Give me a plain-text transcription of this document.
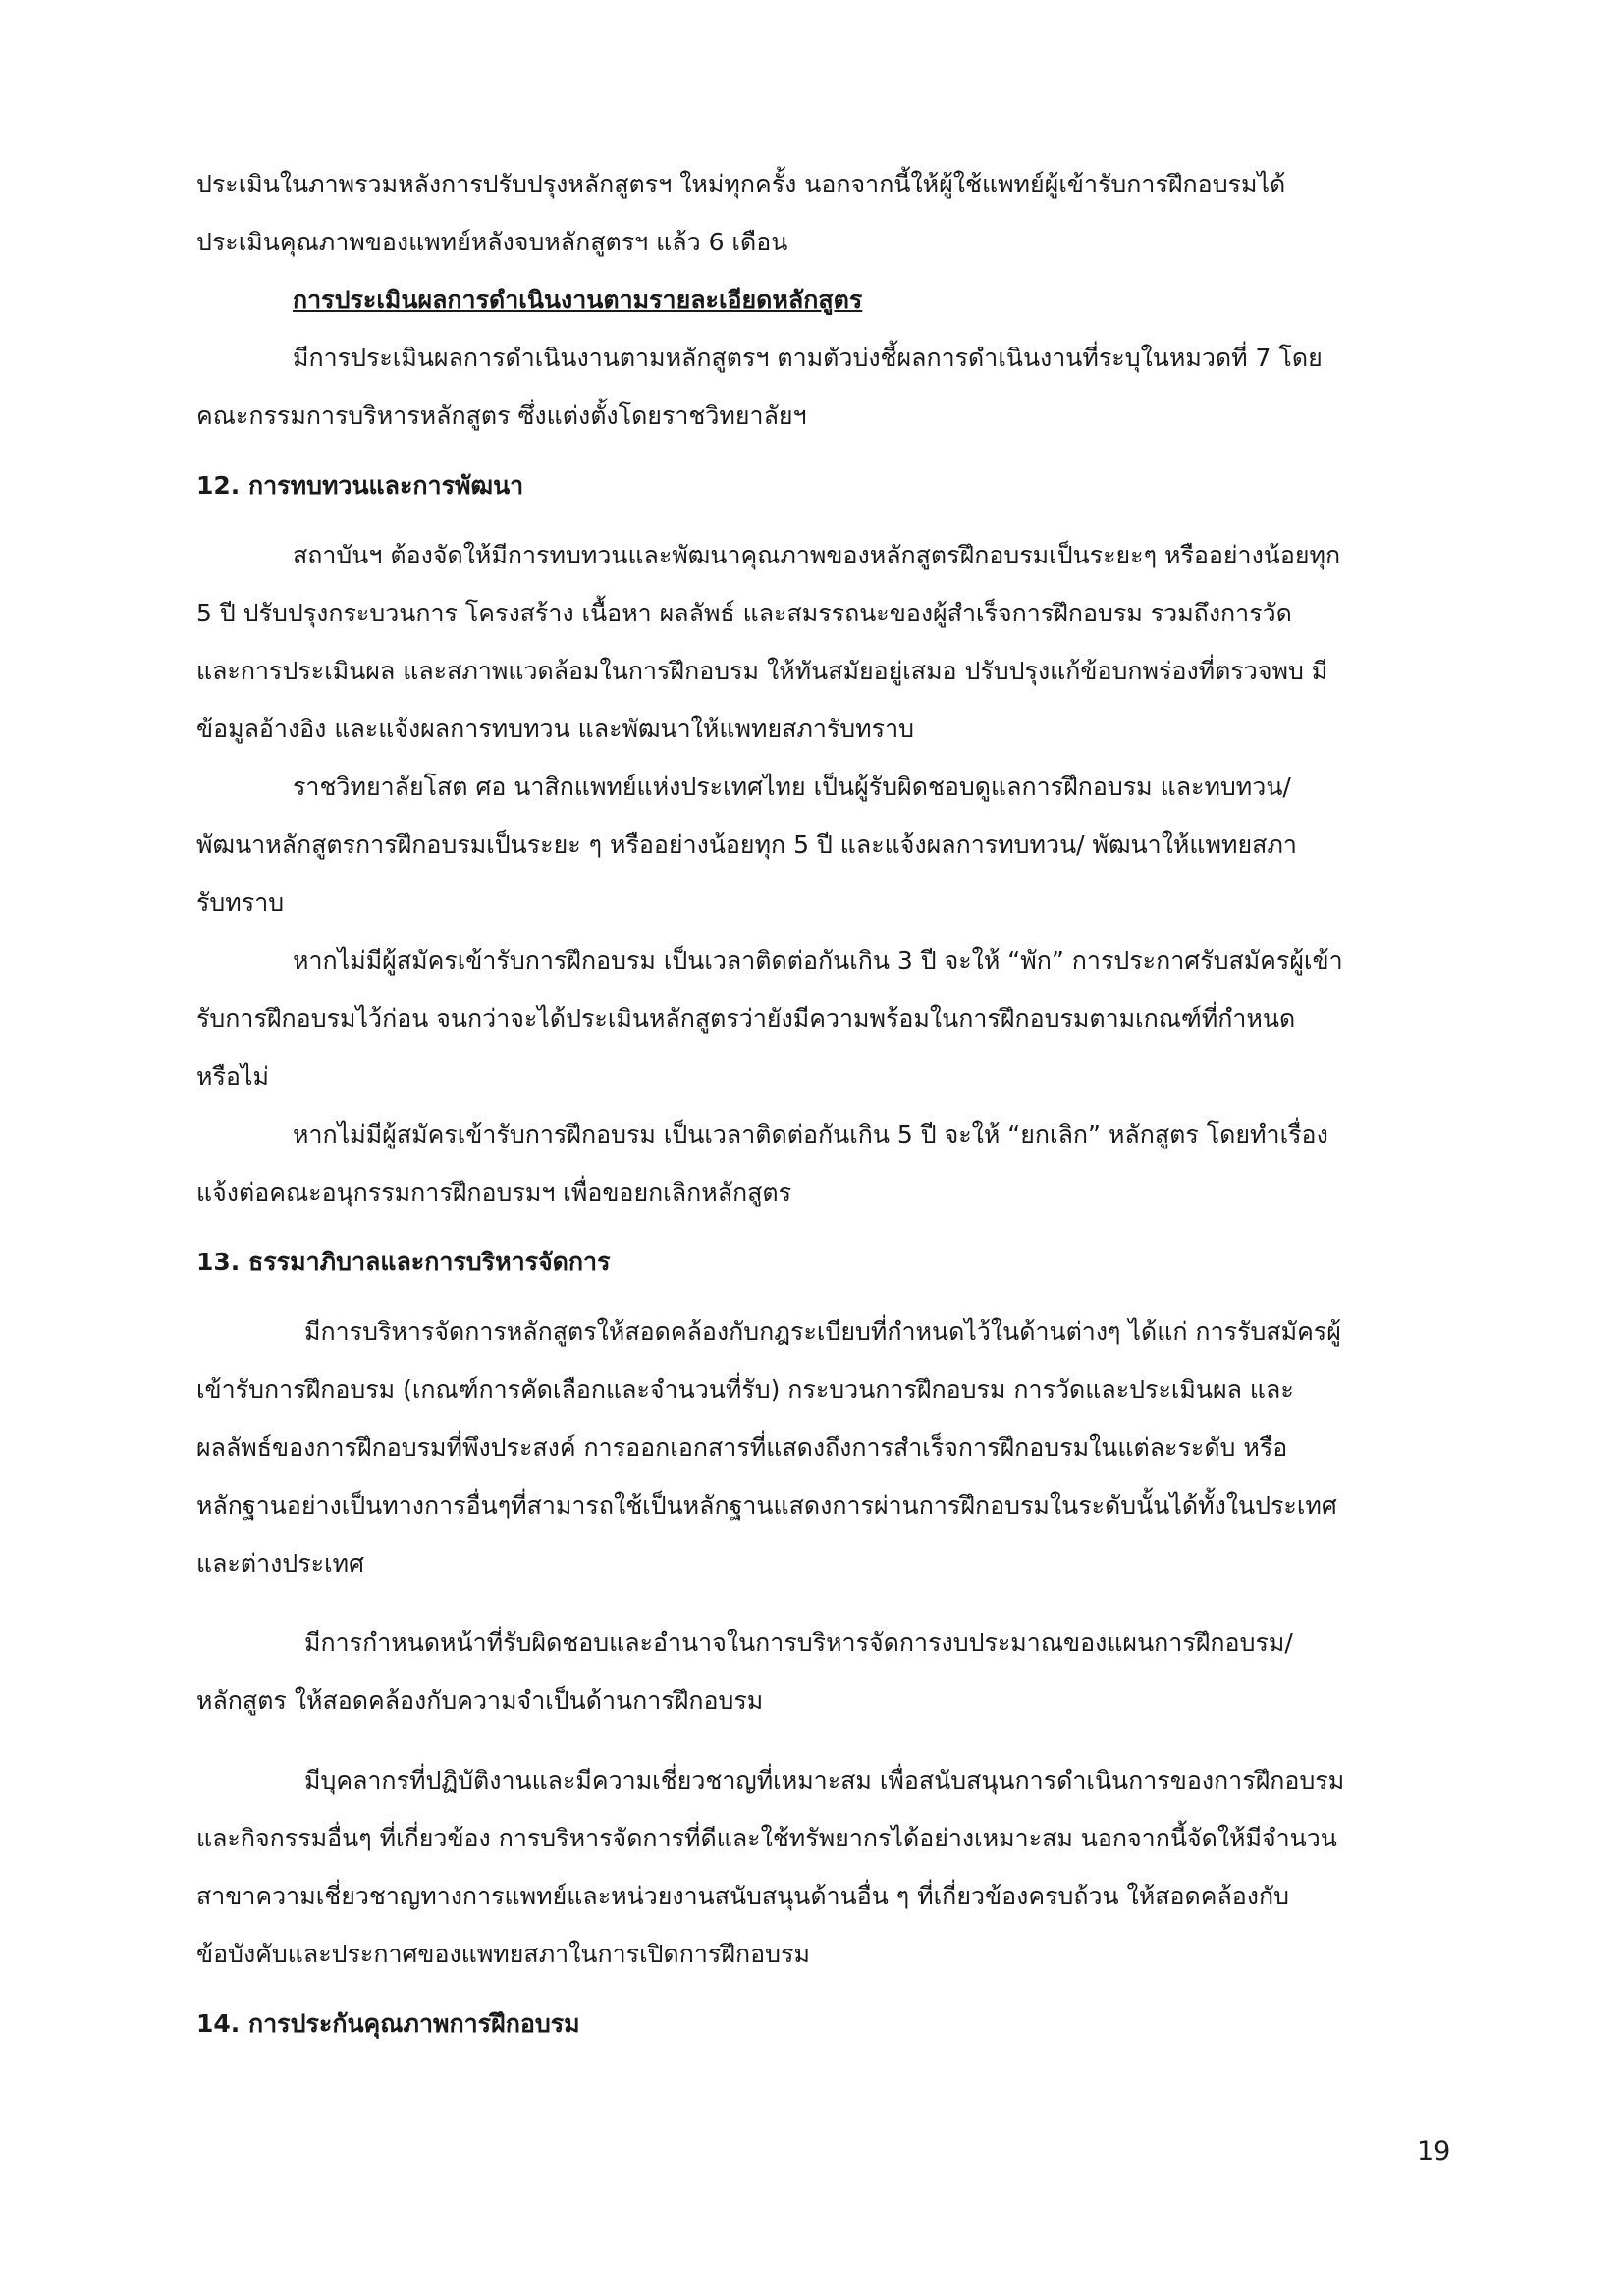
ประเมินในภาพรวมหลังการปรับปรุงหลักสูตรฯ ใหม่ทุกครั้ง นอกจากนี้ให้ผู้ใช้แพทย์ผู้เข้ารับการฝึกอบรมได้
ประเมินคุณภาพของแพทย์หลังจบหลักสูตรฯ แล้ว 6 เดือน

การประเมินผลการดำเนินงานตามรายละเอียดหลักสูตร

มีการประเมินผลการดำเนินงานตามหลักสูตรฯ ตามตัวบ่งชี้ผลการดำเนินงานที่ระบุในหมวดที่ 7 โดย
คณะกรรมการบริหารหลักสูตร ซึ่งแต่งตั้งโดยราชวิทยาลัยฯ

12. การทบทวนและการพัฒนา

สถาบันฯ ต้องจัดให้มีการทบทวนและพัฒนาคุณภาพของหลักสูตรฝึกอบรมเป็นระยะๆ หรืออย่างน้อยทุก
5 ปี ปรับปรุงกระบวนการ โครงสร้าง เนื้อหา ผลลัพธ์ และสมรรถนะของผู้สำเร็จการฝึกอบรม รวมถึงการวัด
และการประเมินผล และสภาพแวดล้อมในการฝึกอบรม ให้ทันสมัยอยู่เสมอ ปรับปรุงแก้ข้อบกพร่องที่ตรวจพบ มี
ข้อมูลอ้างอิง และแจ้งผลการทบทวน และพัฒนาให้แพทยสภารับทราบ

ราชวิทยาลัยโสต ศอ นาสิกแพทย์แห่งประเทศไทย เป็นผู้รับผิดชอบดูแลการฝึกอบรม และทบทวน/
พัฒนาหลักสูตรการฝึกอบรมเป็นระยะ ๆ หรืออย่างน้อยทุก 5 ปี และแจ้งผลการทบทวน/ พัฒนาให้แพทยสภา
รับทราบ

หากไม่มีผู้สมัครเข้ารับการฝึกอบรม เป็นเวลาติดต่อกันเกิน 3 ปี จะให้ “พัก” การประกาศรับสมัครผู้เข้า
รับการฝึกอบรมไว้ก่อน จนกว่าจะได้ประเมินหลักสูตรว่ายังมีความพร้อมในการฝึกอบรมตามเกณฑ์ที่กำหนด
หรือไม่

หากไม่มีผู้สมัครเข้ารับการฝึกอบรม เป็นเวลาติดต่อกันเกิน 5 ปี จะให้ “ยกเลิก” หลักสูตร โดยทำเรื่อง
แจ้งต่อคณะอนุกรรมการฝึกอบรมฯ เพื่อขอยกเลิกหลักสูตร

13. ธรรมาภิบาลและการบริหารจัดการ

มีการบริหารจัดการหลักสูตรให้สอดคล้องกับกฎระเบียบที่กำหนดไว้ในด้านต่างๆ ได้แก่ การรับสมัครผู้
เข้ารับการฝึกอบรม (เกณฑ์การคัดเลือกและจำนวนที่รับ) กระบวนการฝึกอบรม การวัดและประเมินผล และ
ผลลัพธ์ของการฝึกอบรมที่พึงประสงค์ การออกเอกสารที่แสดงถึงการสำเร็จการฝึกอบรมในแต่ละระดับ หรือ
หลักฐานอย่างเป็นทางการอื่นๆที่สามารถใช้เป็นหลักฐานแสดงการผ่านการฝึกอบรมในระดับนั้นได้ทั้งในประเทศ
และต่างประเทศ

มีการกำหนดหน้าที่รับผิดชอบและอำนาจในการบริหารจัดการงบประมาณของแผนการฝึกอบรม/
หลักสูตร ให้สอดคล้องกับความจำเป็นด้านการฝึกอบรม

มีบุคลากรที่ปฏิบัติงานและมีความเชี่ยวชาญที่เหมาะสม เพื่อสนับสนุนการดำเนินการของการฝึกอบรม
และกิจกรรมอื่นๆ ที่เกี่ยวข้อง การบริหารจัดการที่ดีและใช้ทรัพยากรได้อย่างเหมาะสม นอกจากนี้จัดให้มีจำนวน
สาขาความเชี่ยวชาญทางการแพทย์และหน่วยงานสนับสนุนด้านอื่น ๆ ที่เกี่ยวข้องครบถ้วน ให้สอดคล้องกับ
ข้อบังคับและประกาศของแพทยสภาในการเปิดการฝึกอบรม

14. การประกันคุณภาพการฝึกอบรม

19
